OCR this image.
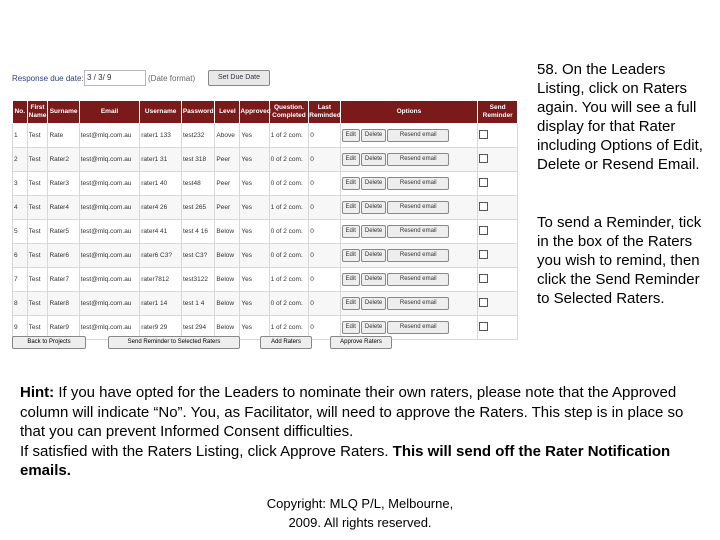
Response due date: 3 / 3/ 9	(Date format)	Set Due Date
No.	First Name	Surname	Email	Username	Password	Level	Approved	Question. Completed	Last Reminded	Options	Send Reminder
1	Test	Rate	test@mlq.com.au	rater1 133	test232	Above	Yes	1 of 2 com.	0	Edit Delete Resend email	
2	Test	Rater2	test@mlq.com.au	rater1 31	test 318	Peer	Yes	0 of 2 com.	0	Edit Delete Resend email	
3	Test	Rater3	test@mlq.com.au	rater1 40	test48	Peer	Yes	0 of 2 com.	0	Edit Delete Resend email	
4	Test	Rater4	test@mlq.com.au	rater4 26	test 265	Peer	Yes	1 of 2 com.	0	Edit Delete Resend email	
5	Test	Rater5	test@mlq.com.au	rater4 41	test 4 16	Below	Yes	0 of 2 com.	0	Edit Delete Resend email	
6	Test	Rater6	test@mlq.com.au	rater6 C3?	test C3?	Below	Yes	0 of 2 com.	0	Edit Delete Resend email	
7	Test	Rater7	test@mlq.com.au	rater7812	test3122	Below	Yes	1 of 2 com.	0	Edit Delete Resend email	
8	Test	Rater8	test@mlq.com.au	rater1 14	test 1 4	Below	Yes	0 of 2 com.	0	Edit Delete Resend email	
9	Test	Rater9	test@mlq.com.au	rater9 29	test 294	Below	Yes	1 of 2 com.	0	Edit Delete Resend email	
Back to Projects	Send Reminder to Selected Raters	Add Raters	Approve Raters
58. On the Leaders Listing, click on Raters again. You will see a full display for that Rater including Options of Edit, Delete or Resend Email.
To send a Reminder, tick in the box of the Raters you wish to remind, then click the Send Reminder to Selected Raters.
Hint: If you have opted for the Leaders to nominate their own raters, please note that the Approved column will indicate “No”. You, as Facilitator, will need to approve the Raters. This step is in place so that you can prevent Informed Consent difficulties.
If satisfied with the Raters Listing, click Approve Raters. This will send off the Rater Notification emails.
Copyright: MLQ P/L, Melbourne,
2009. All rights reserved.
